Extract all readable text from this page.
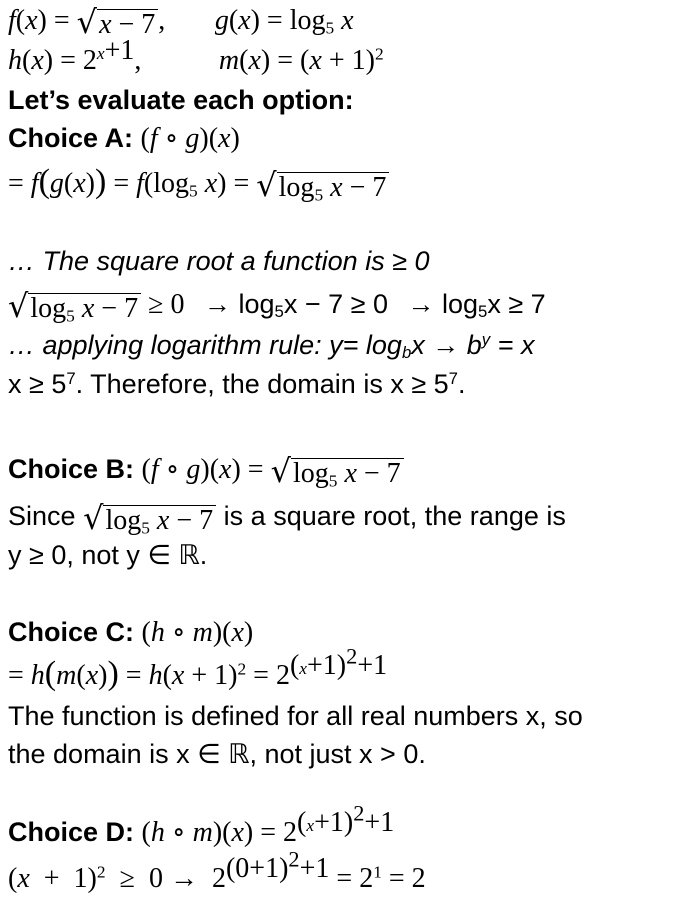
f(x) = √ x − 7 , $g(x) = \log_5 x$
$h(x) = 2^{x+1}$,	$m(x) = (x + 1)^2$
Let’s evaluate each option:
Choice A: (f ∘ g)(x)
= $f(g(x)) = f(\log_5$ x) = √ $\log_5 x - 7$
… The square root a function is ≥ 0
√ $\log_5 x - 7 \ge 0 \to \log_5x - 7 \ge 0 \to \log_5x \ge 7$
… applying logarithm rule: $y= \log_bx \to b^y = x$
$x \ge 5^7$. Therefore, the domain is $x \ge 5^7$.
Choice B: (f ∘ g)(x) = √ $\log_5 x - 7$
Since √ $\log_5 x - 7$ is a square root, the range is
y ≥ 0, not y ∈ ℝ.
Choice C: (h ∘ m)(x)
= $h(m(x)) = h(x + 1)^2 = 2^{(x+1)^2+1}$
The function is defined for all real numbers x, so
the domain is x ∈ ℝ, not just x > 0.
Choice D: (h ∘ $m)(x) = 2^{(x+1)^2+1}$
$(x + 1)^2 \ge 0 \to 2^{(0+1)^2+1} = 2^1 = 2$
